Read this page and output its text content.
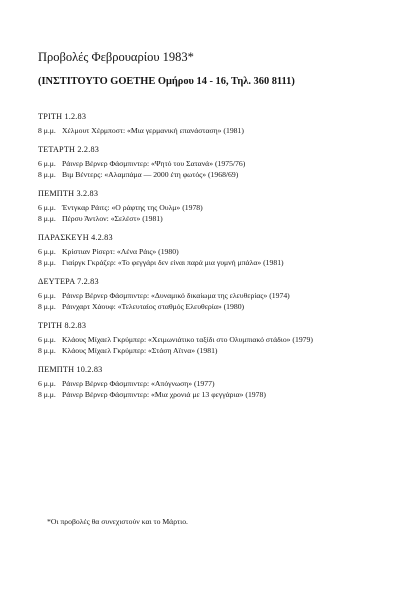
Προβολές Φεβρουαρίου 1983*
(ΙΝΣΤΙΤΟΥΤΟ GOETHE Ομήρου 14 - 16, Τηλ. 360 8111)
ΤΡΙΤΗ 1.2.83
8 μ.μ. Χέλμουτ Χέρμποστ: «Μια γερμανική επανάσταση» (1981)
ΤΕΤΑΡΤΗ 2.2.83
6 μ.μ. Ράινερ Βέρνερ Φάσμπιντερ: «Ψητό του Σατανά» (1975/76)
8 μ.μ. Βιμ Βέντερς: «Αλαμπάμα — 2000 έτη φωτός» (1968/69)
ΠΕΜΠΤΗ 3.2.83
6 μ.μ. Έντγκαρ Ράιτς: «Ο ράφτης της Ουλμ» (1978)
8 μ.μ. Πέρσυ Άντλον: «Σελέστ» (1981)
ΠΑΡΑΣΚΕΥΗ 4.2.83
6 μ.μ. Κρίστιαν Ρίσερτ: «Λένα Ράις» (1980)
8 μ.μ. Γιαίργκ Γκράζερ: «Το φεγγάρι δεν είναι παρά μια γυμνή μπάλα» (1981)
ΔΕΥΤΕΡΑ 7.2.83
6 μ.μ. Ράινερ Βέρνερ Φάσμπιντερ: «Δυναμικό δικαίωμα της ελευθερίας» (1974)
8 μ.μ. Ράινχαρτ Χάουφ: «Τελευταίος σταθμός Ελευθερία» (1980)
ΤΡΙΤΗ 8.2.83
6 μ.μ. Κλάους Μίχαελ Γκρύμπερ: «Χειμωνιάτικο ταξίδι στο Ολυμπιακό στάδιο» (1979)
8 μ.μ. Κλάους Μίχαελ Γκρύμπερ: «Στάση Αϊτνα» (1981)
ΠΕΜΠΤΗ 10.2.83
6 μ.μ. Ράινερ Βέρνερ Φάσμπιντερ: «Απόγνωση» (1977)
8 μ.μ. Ράινερ Βέρνερ Φάσμπιντερ: «Μια χρονιά με 13 φεγγάρια» (1978)
*Οι προβολές θα συνεχιστούν και το Μάρτιο.
